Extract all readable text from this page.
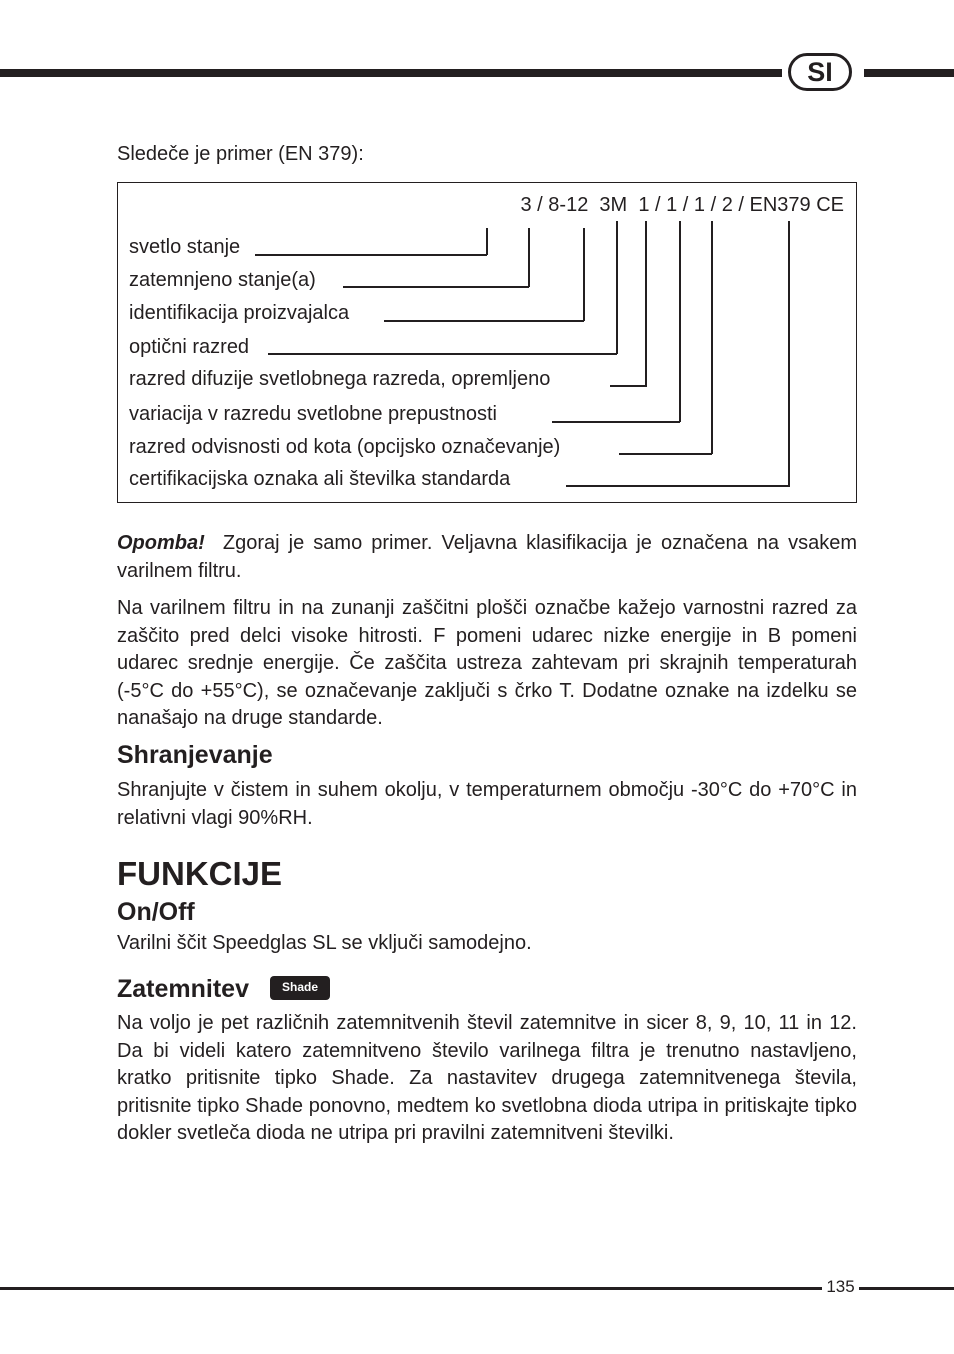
SI
Sledeče je primer (EN 379):
3 / 8-12  3M  1 / 1 / 1 / 2 / EN379 CE
svetlo stanje
zatemnjeno stanje(a)
identifikacija proizvajalca
optični razred
razred difuzije svetlobnega razreda, opremljeno
variacija v razredu svetlobne prepustnosti
razred odvisnosti od kota (opcijsko označevanje)
certifikacijska oznaka ali številka standarda
Opomba! Zgoraj je samo primer. Veljavna klasifikacija je označena na vsakem varilnem filtru.
Na varilnem filtru in na zunanji zaščitni plošči označbe kažejo varnostni razred za zaščito pred delci visoke hitrosti. F pomeni udarec nizke energije in B pomeni udarec srednje energije. Če zaščita ustreza zahtevam pri skrajnih temperaturah (-5°C do +55°C), se označevanje zaključi s črko T. Dodatne oznake na izdelku se nanašajo na druge standarde.
Shranjevanje
Shranjujte v čistem in suhem okolju, v temperaturnem območju -30°C do +70°C in relativni vlagi 90%RH.
FUNKCIJE
On/Off
Varilni ščit Speedglas SL se vključi samodejno.
Zatemnitev	Shade
Na voljo je pet različnih zatemnitvenih števil zatemnitve in sicer 8, 9, 10, 11 in 12. Da bi videli katero zatemnitveno število varilnega filtra je trenutno nastavljeno, kratko pritisnite tipko Shade. Za nastavitev drugega zatemnitvenega števila, pritisnite tipko Shade ponovno, medtem ko svetlobna dioda utripa in pritiskajte tipko dokler svetleča dioda ne utripa pri pravilni zatemnitveni številki.
135
